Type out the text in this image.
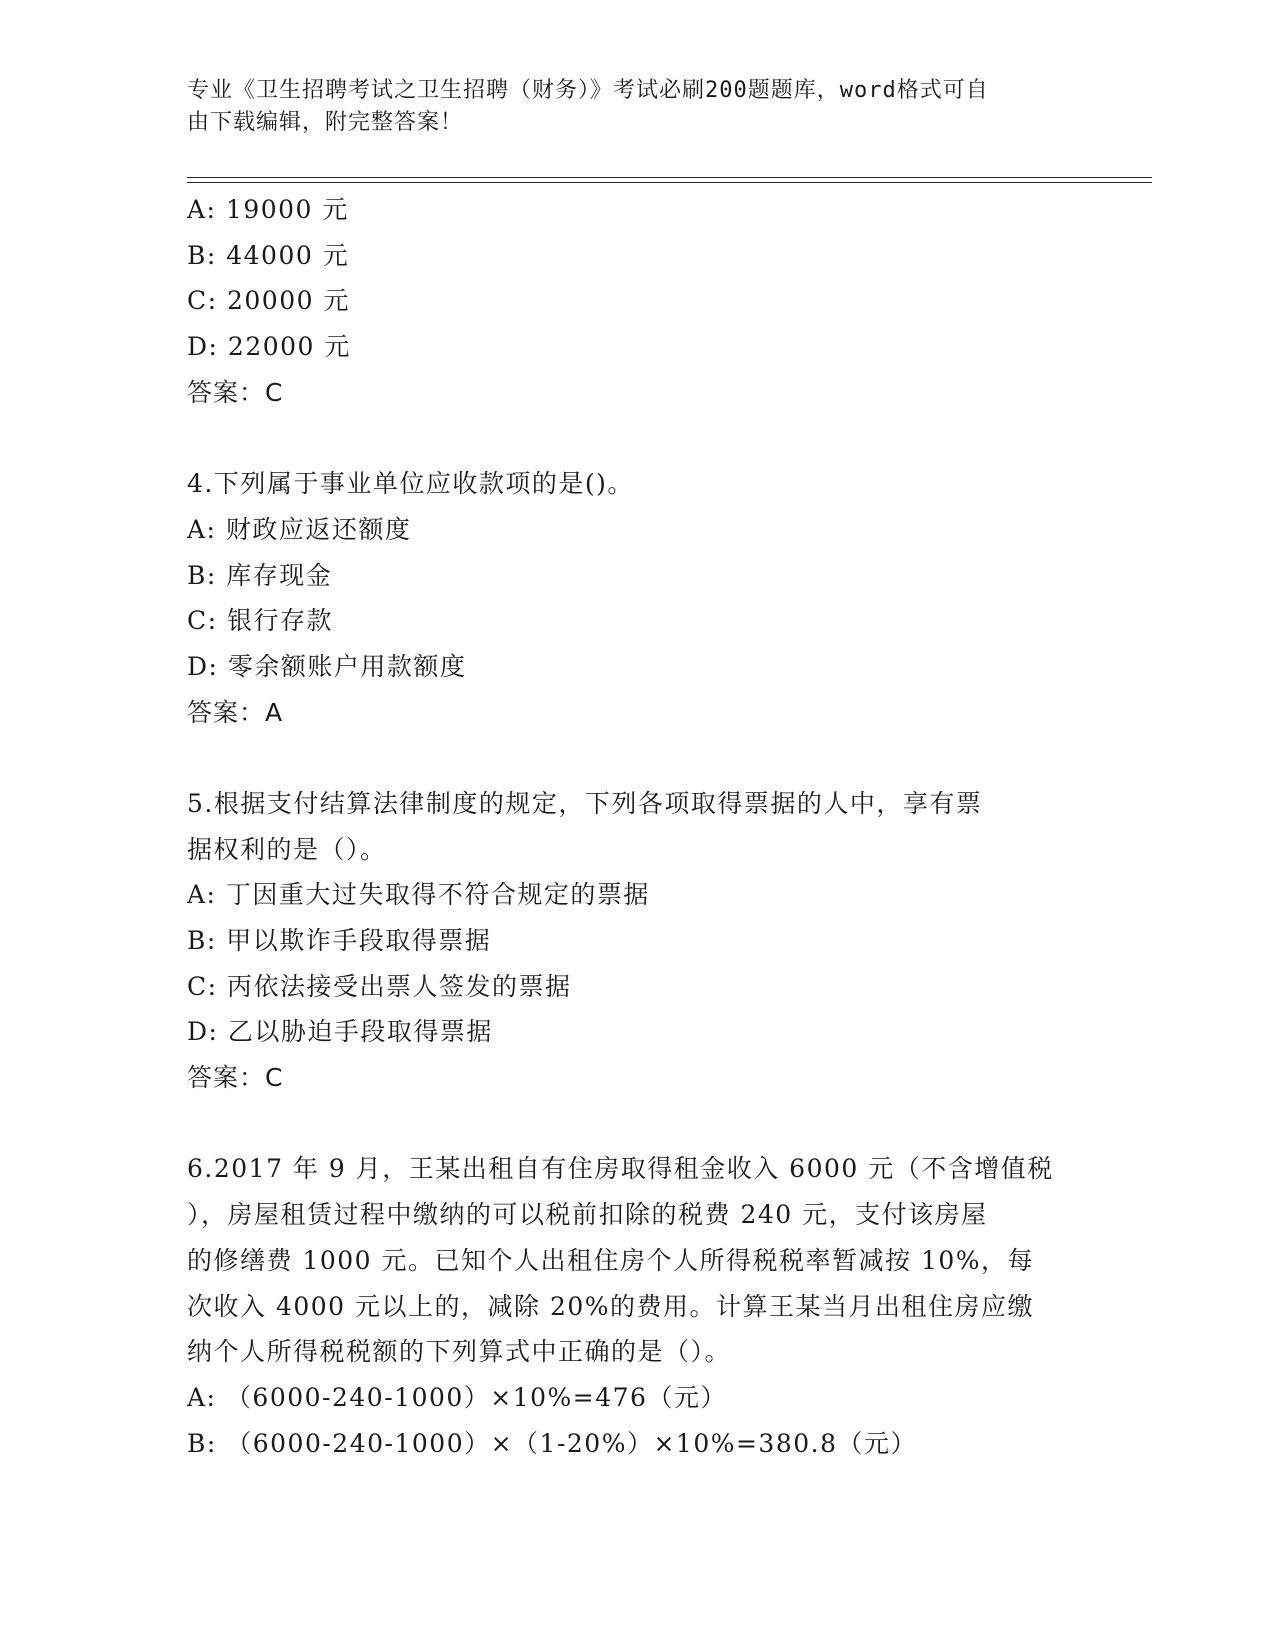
专业《卫生招聘考试之卫生招聘（财务）》考试必刷200题题库，word格式可自
由下载编辑，附完整答案！
A: 19000 元
B: 44000 元
C: 20000 元
D: 22000 元
答案：C
4.下列属于事业单位应收款项的是()。
A: 财政应返还额度
B: 库存现金
C: 银行存款
D: 零余额账户用款额度
答案：A
5.根据支付结算法律制度的规定，下列各项取得票据的人中，享有票
据权利的是（）。
A: 丁因重大过失取得不符合规定的票据
B: 甲以欺诈手段取得票据
C: 丙依法接受出票人签发的票据
D: 乙以胁迫手段取得票据
答案：C
6.2017 年 9 月，王某出租自有住房取得租金收入 6000 元（不含增值税
），房屋租赁过程中缴纳的可以税前扣除的税费 240 元，支付该房屋
的修缮费 1000 元。已知个人出租住房个人所得税税率暂减按 10%，每
次收入 4000 元以上的，减除 20%的费用。计算王某当月出租住房应缴
纳个人所得税税额的下列算式中正确的是（）。
A: （6000-240-1000）×10%=476（元）
B: （6000-240-1000）×（1-20%）×10%=380.8（元）
